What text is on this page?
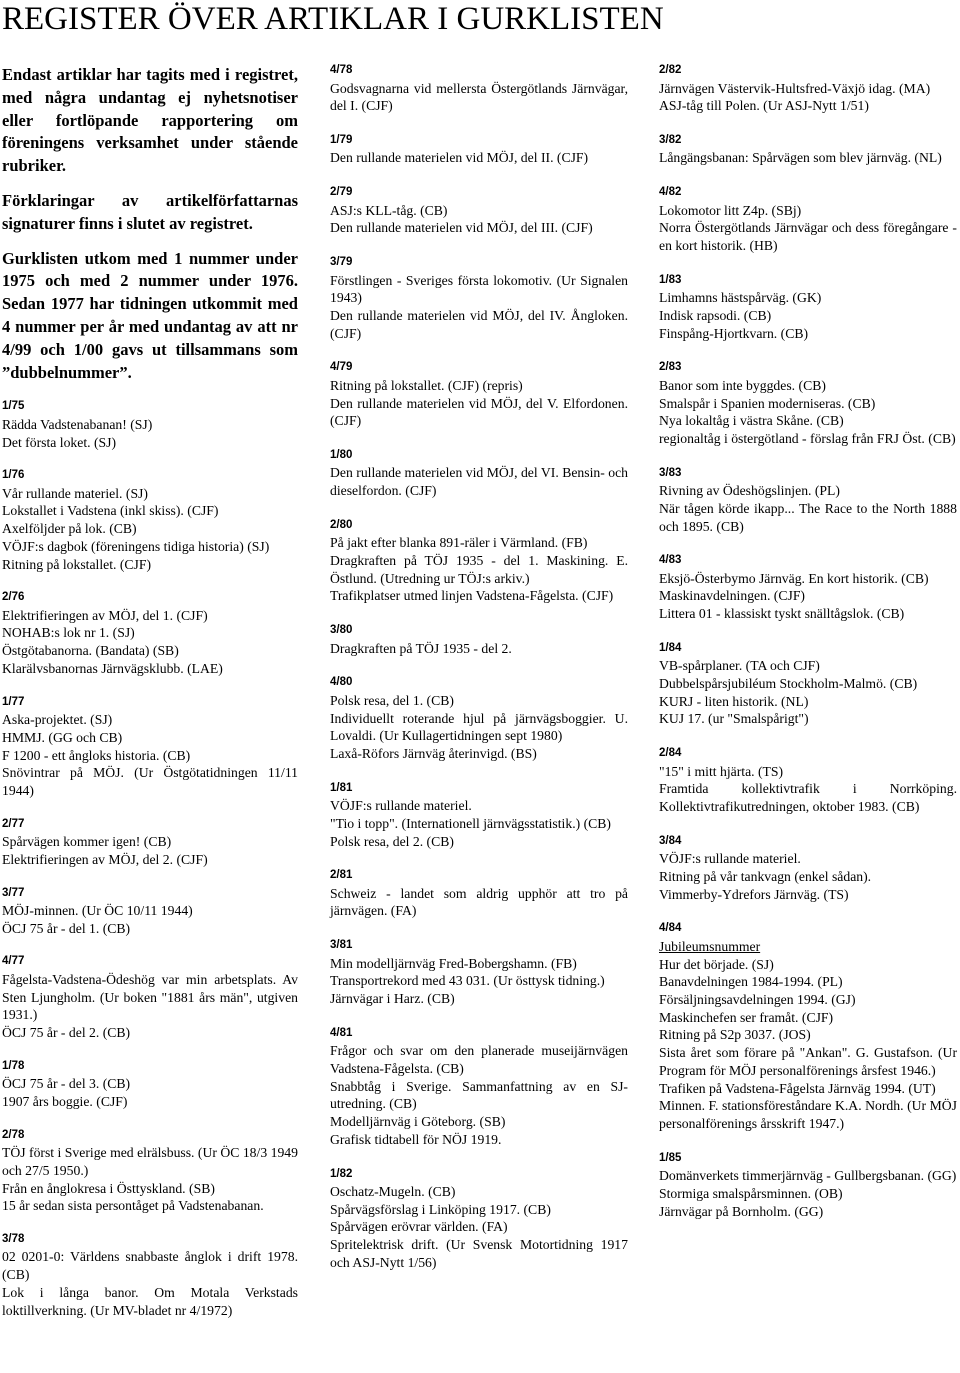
REGISTER ÖVER ARTIKLAR I GURKLISTEN

Endast artiklar har tagits med i registret, med några undantag ej nyhetsnotiser eller fortlöpande rapportering om föreningens verksamhet under stående rubriker.

Förklaringar av artikelförfattarnas signaturer finns i slutet av registret.

Gurklisten utkom med 1 nummer under 1975 och med 2 nummer under 1976. Sedan 1977 har tidningen utkommit med 4 nummer per år med undantag av att nr 4/99 och 1/00 gavs ut tillsammans som ”dubbelnummer”.

1/75
Rädda Vadstenabanan! (SJ)
Det första loket. (SJ)
1/76
Vår rullande materiel. (SJ)
Lokstallet i Vadstena (inkl skiss). (CJF)
Axelföljder på lok. (CB)
VÖJF:s dagbok (föreningens tidiga historia) (SJ)
Ritning på lokstallet. (CJF)
2/76
Elektrifieringen av MÖJ, del 1. (CJF)
NOHAB:s lok nr 1. (SJ)
Östgötabanorna. (Bandata) (SB)
Klarälvsbanornas Järnvägsklubb. (LAE)
1/77
Aska-projektet. (SJ)
HMMJ. (GG och CB)
F 1200 - ett ångloks historia. (CB)
Snövintrar på MÖJ. (Ur Östgötatidningen 11/11 1944)
2/77
Spårvägen kommer igen! (CB)
Elektrifieringen av MÖJ, del 2. (CJF)
3/77
MÖJ-minnen. (Ur ÖC 10/11 1944)
ÖCJ 75 år - del 1. (CB)
4/77
Fågelsta-Vadstena-Ödeshög var min arbetsplats. Av Sten Ljungholm. (Ur boken "1881 års män", utgiven 1931.)
ÖCJ 75 år - del 2. (CB)
1/78
ÖCJ 75 år - del 3. (CB)
1907 års boggie. (CJF)
2/78
TÖJ först i Sverige med elrälsbuss. (Ur ÖC 18/3 1949 och 27/5 1950.)
Från en ånglokresa i Östtyskland. (SB)
15 år sedan sista persontåget på Vadstenabanan.
3/78
02 0201-0: Världens snabbaste ånglok i drift 1978. (CB)
Lok i långa banor. Om Motala Verkstads loktillverkning. (Ur MV-bladet nr 4/1972)
4/78
Godsvagnarna vid mellersta Östergötlands Järnvägar, del I. (CJF)
1/79
Den rullande materielen vid MÖJ, del II. (CJF)
2/79
ASJ:s KLL-tåg. (CB)
Den rullande materielen vid MÖJ, del III. (CJF)
3/79
Förstlingen - Sveriges första lokomotiv. (Ur Signalen 1943)
Den rullande materielen vid MÖJ, del IV. Ångloken. (CJF)
4/79
Ritning på lokstallet. (CJF) (repris)
Den rullande materielen vid MÖJ, del V. Elfordonen. (CJF)
1/80
Den rullande materielen vid MÖJ, del VI. Bensin- och dieselfordon. (CJF)
2/80
På jakt efter blanka 891-räler i Värmland. (FB)
Dragkraften på TÖJ 1935 - del 1. Maskining. E. Östlund. (Utredning ur TÖJ:s arkiv.)
Trafikplatser utmed linjen Vadstena-Fågelsta. (CJF)
3/80
Dragkraften på TÖJ 1935 - del 2.
4/80
Polsk resa, del 1. (CB)
Individuellt roterande hjul på järnvägsboggier. U. Lovaldi. (Ur Kullagertidningen sept 1980)
Laxå-Röfors Järnväg återinvigd. (BS)
1/81
VÖJF:s rullande materiel.
"Tio i topp". (Internationell järnvägsstatistik.) (CB)
Polsk resa, del 2. (CB)
2/81
Schweiz - landet som aldrig upphör att tro på järnvägen. (FA)
3/81
Min modelljärnväg Fred-Bobergshamn. (FB)
Transportrekord med 43 031. (Ur östtysk tidning.)
Järnvägar i Harz. (CB)
4/81
Frågor och svar om den planerade museijärnvägen Vadstena-Fågelsta. (CB)
Snabbtåg i Sverige. Sammanfattning av en SJ-utredning. (CB)
Modelljärnväg i Göteborg. (SB)
Grafisk tidtabell för NÖJ 1919.
1/82
Oschatz-Mugeln. (CB)
Spårvägsförslag i Linköping 1917. (CB)
Spårvägen erövrar världen. (FA)
Spritelektrisk drift. (Ur Svensk Motortidning 1917 och ASJ-Nytt 1/56)
2/82
Järnvägen Västervik-Hultsfred-Växjö idag. (MA)
ASJ-tåg till Polen. (Ur ASJ-Nytt 1/51)
3/82
Långängsbanan: Spårvägen som blev järnväg. (NL)
4/82
Lokomotor litt Z4p. (SBj)
Norra Östergötlands Järnvägar och dess föregångare - en kort historik. (HB)
1/83
Limhamns hästspårväg. (GK)
Indisk rapsodi. (CB)
Finspång-Hjortkvarn. (CB)
2/83
Banor som inte byggdes. (CB)
Smalspår i Spanien moderniseras. (CB)
Nya lokaltåg i västra Skåne. (CB)
regionaltåg i östergötland - förslag från FRJ Öst. (CB)
3/83
Rivning av Ödeshögslinjen. (PL)
När tågen körde ikapp... The Race to the North 1888 och 1895. (CB)
4/83
Eksjö-Österbymo Järnväg. En kort historik. (CB)
Maskinavdelningen. (CJF)
Littera 01 - klassiskt tyskt snälltågslok. (CB)
1/84
VB-spårplaner. (TA och CJF)
Dubbelspårsjubiléum Stockholm-Malmö. (CB)
KURJ - liten historik. (NL)
KUJ 17. (ur "Smalspårigt")
2/84
"15" i mitt hjärta. (TS)
Framtida kollektivtrafik i Norrköping. Kollektivtrafikutredningen, oktober 1983. (CB)
3/84
VÖJF:s rullande materiel.
Ritning på vår tankvagn (enkel sådan).
Vimmerby-Ydrefors Järnväg. (TS)
4/84
Jubileumsnummer
Hur det började. (SJ)
Banavdelningen 1984-1994. (PL)
Försäljningsavdelningen 1994. (GJ)
Maskinchefen ser framåt. (CJF)
Ritning på S2p 3037. (JOS)
Sista året som förare på "Ankan". G. Gustafson. (Ur Program för MÖJ personalförenings årsfest 1946.)
Trafiken på Vadstena-Fågelsta Järnväg 1994. (UT)
Minnen. F. stationsföreståndare K.A. Nordh. (Ur MÖJ personalförenings årsskrift 1947.)
1/85
Domänverkets timmerjärnväg - Gullbergsbanan. (GG)
Stormiga smalspårsminnen. (OB)
Järnvägar på Bornholm. (GG)
